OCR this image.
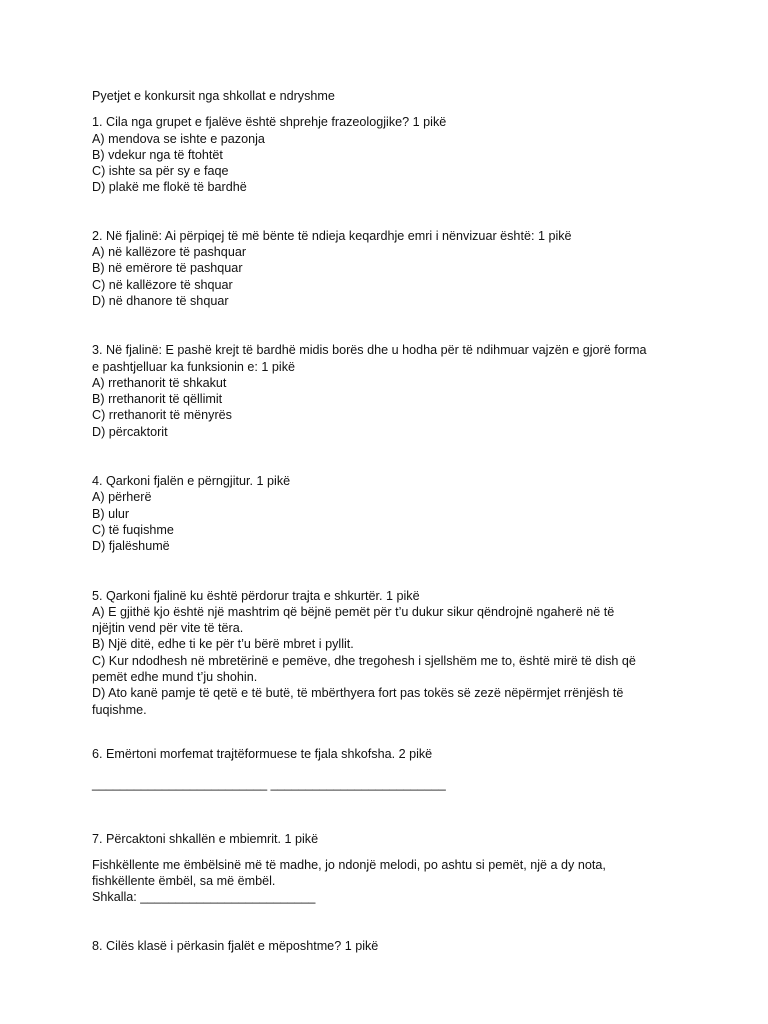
Pyetjet e konkursit nga shkollat e ndryshme

1. Cila nga grupet e fjalëve është shprehje frazeologjike? 1 pikë

A) mendova se ishte e pazonja

B) vdekur nga të ftohtët

C) ishte sa për sy e faqe

D) plakë me flokë të bardhë

2. Në fjalinë: Ai përpiqej të më bënte të ndieja keqardhje emri i nënvizuar është: 1 pikë

A) në kallëzore të pashquar

B) në emërore të pashquar

C) në kallëzore të shquar

D) në dhanore të shquar

3. Në fjalinë: E pashë krejt të bardhë midis borës dhe u hodha për të ndihmuar vajzën e gjorë forma

e pashtjelluar ka funksionin e: 1 pikë

A) rrethanorit të shkakut

B) rrethanorit të qëllimit

C) rrethanorit të mënyrës

D) përcaktorit

4. Qarkoni fjalën e përngjitur. 1 pikë

A) përherë

B) ulur

C) të fuqishme

D) fjalëshumë

5. Qarkoni fjalinë ku është përdorur trajta e shkurtër. 1 pikë

A) E gjithë kjo është një mashtrim që bëjnë pemët për t’u dukur sikur qëndrojnë ngaherë në të

njëjtin vend për vite të tëra.

B) Një ditë, edhe ti ke për t’u bërë mbret i pyllit.

C) Kur ndodhesh në mbretërinë e pemëve, dhe tregohesh i sjellshëm me to, është mirë të dish që

pemët edhe mund t’ju shohin.

D) Ato kanë pamje të qetë e të butë, të mbërthyera fort pas tokës së zezë nëpërmjet rrënjësh të

fuqishme.

6. Emërtoni morfemat trajtëformuese te fjala shkofsha. 2 pikë

_________________________ _________________________

7. Përcaktoni shkallën e mbiemrit. 1 pikë

Fishkëllente me ëmbëlsinë më të madhe, jo ndonjë melodi, po ashtu si pemët, një a dy nota,

fishkëllente ëmbël, sa më ëmbël.

Shkalla: _________________________

8. Cilës klasë i përkasin fjalët e mëposhtme? 1 pikë
